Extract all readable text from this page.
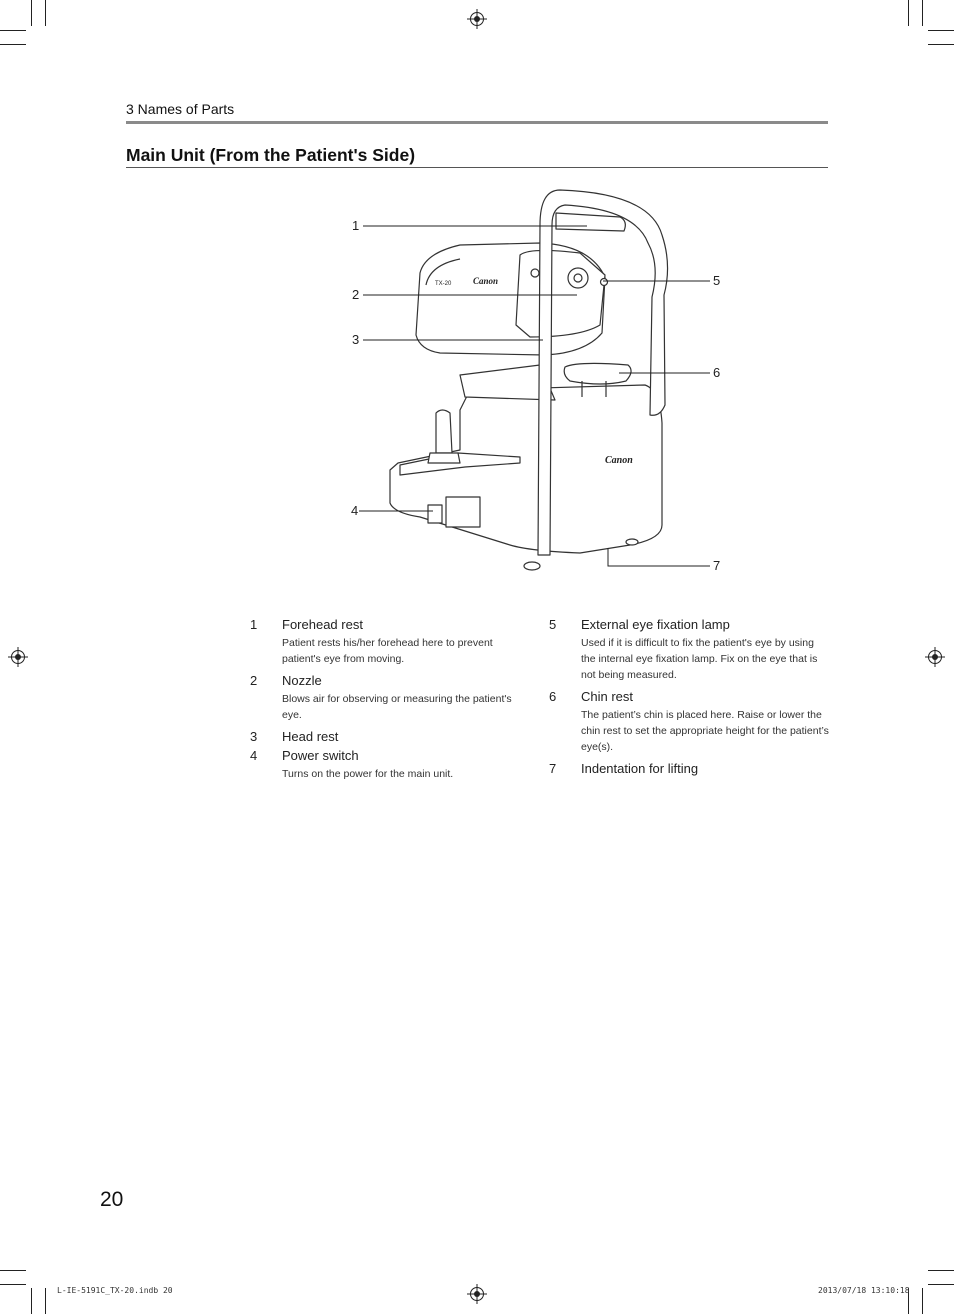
3 Names of Parts
Main Unit (From the Patient's Side)
Canon
TX-20
Canon
1
2
3
4
5
6
7
1 Forehead rest
Patient rests his/her forehead here to prevent patient's eye from moving.
2 Nozzle
Blows air for observing or measuring the patient's eye.
3 Head rest
4 Power switch
Turns on the power for the main unit.
5 External eye fixation lamp
Used if it is difficult to fix the patient's eye by using the internal eye fixation lamp. Fix on the eye that is not being measured.
6 Chin rest
The patient’s chin is placed here. Raise or lower the chin rest to set the appropriate height for the patient’s eye(s).
7 Indentation for lifting
20
L-IE-5191C_TX-20.indb 20	2013/07/18 13:10:18
